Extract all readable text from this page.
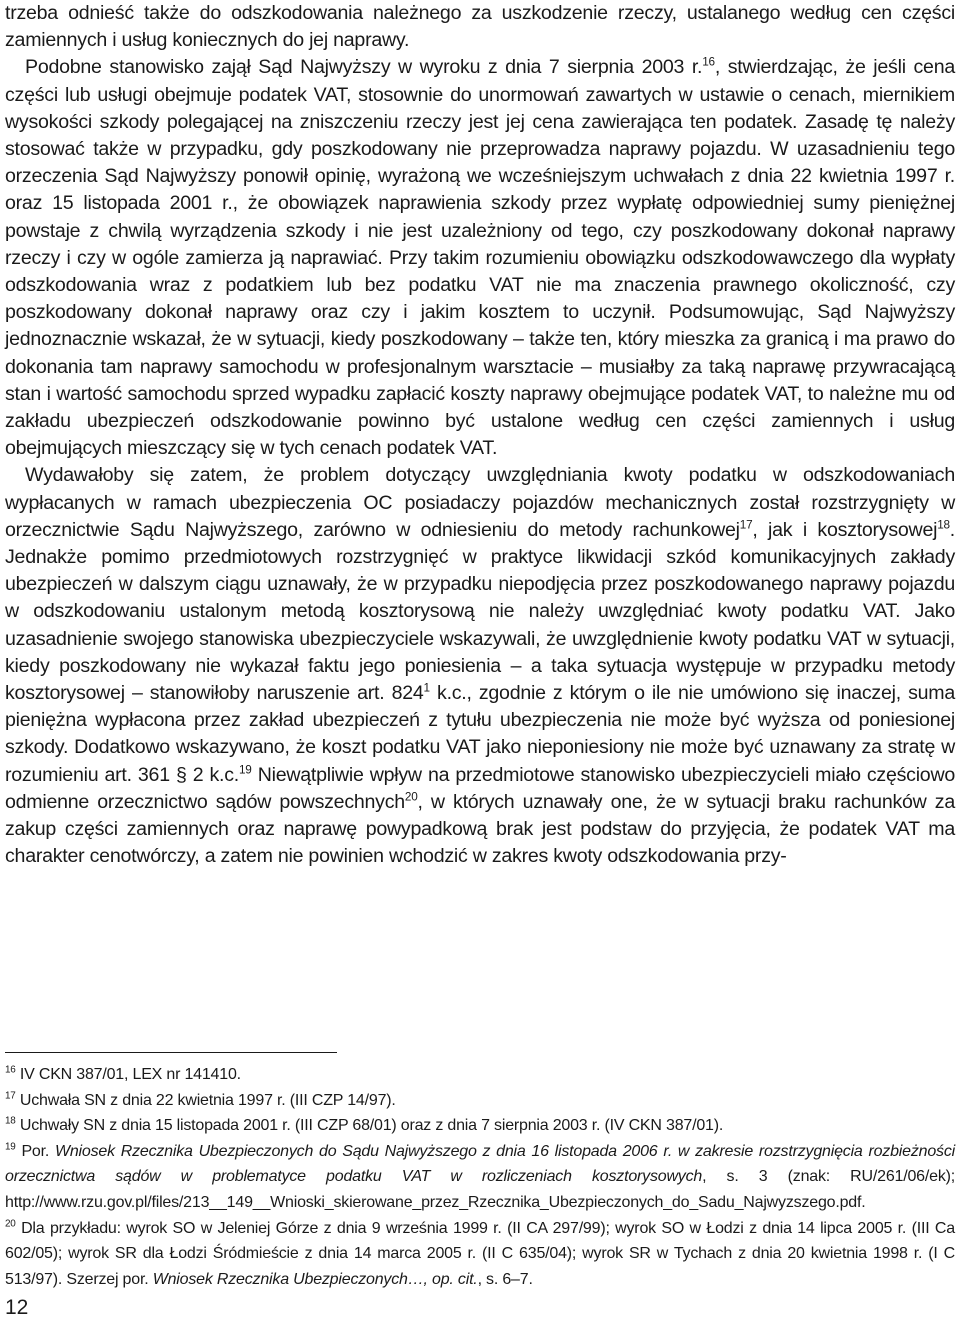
trzeba odnieść także do odszkodowania należnego za uszkodzenie rzeczy, ustalanego według cen części zamiennych i usług koniecznych do jej naprawy.

Podobne stanowisko zajął Sąd Najwyższy w wyroku z dnia 7 sierpnia 2003 r.$^{16}$, stwierdzając, że jeśli cena części lub usługi obejmuje podatek VAT, stosownie do unormowań zawartych w ustawie o cenach, miernikiem wysokości szkody polegającej na zniszczeniu rzeczy jest jej cena zawierająca ten podatek. Zasadę tę należy stosować także w przypadku, gdy poszkodowany nie przeprowadza naprawy pojazdu. W uzasadnieniu tego orzeczenia Sąd Najwyższy ponowił opinię, wyrażoną we wcześniejszym uchwałach z dnia 22 kwietnia 1997 r. oraz 15 listopada 2001 r., że obowiązek naprawienia szkody przez wypłatę odpowiedniej sumy pieniężnej powstaje z chwilą wyrządzenia szkody i nie jest uzależniony od tego, czy poszkodowany dokonał naprawy rzeczy i czy w ogóle zamierza ją naprawiać. Przy takim rozumieniu obowiązku odszkodowawczego dla wypłaty odszkodowania wraz z podatkiem lub bez podatku VAT nie ma znaczenia prawnego okoliczność, czy poszkodowany dokonał naprawy oraz czy i jakim kosztem to uczynił. Podsumowując, Sąd Najwyższy jednoznacznie wskazał, że w sytuacji, kiedy poszkodowany – także ten, który mieszka za granicą i ma prawo do dokonania tam naprawy samochodu w profesjonalnym warsztacie – musiałby za taką naprawę przywracającą stan i wartość samochodu sprzed wypadku zapłacić koszty naprawy obejmujące podatek VAT, to należne mu od zakładu ubezpieczeń odszkodowanie powinno być ustalone według cen części zamiennych i usług obejmujących mieszczący się w tych cenach podatek VAT.

Wydawałoby się zatem, że problem dotyczący uwzględniania kwoty podatku w odszkodowaniach wypłacanych w ramach ubezpieczenia OC posiadaczy pojazdów mechanicznych został rozstrzygnięty w orzecznictwie Sądu Najwyższego, zarówno w odniesieniu do metody rachunkowej$^{17}$, jak i kosztorysowej$^{18}$. Jednakże pomimo przedmiotowych rozstrzygnięć w praktyce likwidacji szkód komunikacyjnych zakłady ubezpieczeń w dalszym ciągu uznawały, że w przypadku niepodjęcia przez poszkodowanego naprawy pojazdu w odszkodowaniu ustalonym metodą kosztorysową nie należy uwzględniać kwoty podatku VAT. Jako uzasadnienie swojego stanowiska ubezpieczyciele wskazywali, że uwzględnienie kwoty podatku VAT w sytuacji, kiedy poszkodowany nie wykazał faktu jego poniesienia – a taka sytuacja występuje w przypadku metody kosztorysowej – stanowiłoby naruszenie art. $824^1$ k.c., zgodnie z którym o ile nie umówiono się inaczej, suma pieniężna wypłacona przez zakład ubezpieczeń z tytułu ubezpieczenia nie może być wyższa od poniesionej szkody. Dodatkowo wskazywano, że koszt podatku VAT jako nieponiesiony nie może być uznawany za stratę w rozumieniu art. 361 § 2 k.c.$^{19}$ Niewątpliwie wpływ na przedmiotowe stanowisko ubezpieczycieli miało częściowo odmienne orzecznictwo sądów powszechnych$^{20}$, w których uznawały one, że w sytuacji braku rachunków za zakup części zamiennych oraz naprawę powypadkową brak jest podstaw do przyjęcia, że podatek VAT ma charakter cenotwórczy, a zatem nie powinien wchodzić w zakres kwoty odszkodowania przy-

$^{16}$ IV CKN 387/01, LEX nr 141410.

$^{17}$ Uchwała SN z dnia 22 kwietnia 1997 r. (III CZP 14/97).

$^{18}$ Uchwały SN z dnia 15 listopada 2001 r. (III CZP 68/01) oraz z dnia 7 sierpnia 2003 r. (IV CKN 387/01).

$^{19}$ Por. Wniosek Rzecznika Ubezpieczonych do Sądu Najwyższego z dnia 16 listopada 2006 r. w zakresie rozstrzygnięcia rozbieżności orzecznictwa sądów w problematyce podatku VAT w rozliczeniach kosztorysowych, s. 3 (znak: RU/261/06/ek); http://www.rzu.gov.pl/files/213__149__Wnioski_skierowane_przez_Rzecznika_Ubezpieczonych_do_Sadu_Najwyzszego.pdf.

$^{20}$ Dla przykładu: wyrok SO w Jeleniej Górze z dnia 9 września 1999 r. (II CA 297/99); wyrok SO w Łodzi z dnia 14 lipca 2005 r. (III Ca 602/05); wyrok SR dla Łodzi Śródmieście z dnia 14 marca 2005 r. (II C 635/04); wyrok SR w Tychach z dnia 20 kwietnia 1998 r. (I C 513/97). Szerzej por. Wniosek Rzecznika Ubezpieczonych…, op. cit., s. 6–7.

12
